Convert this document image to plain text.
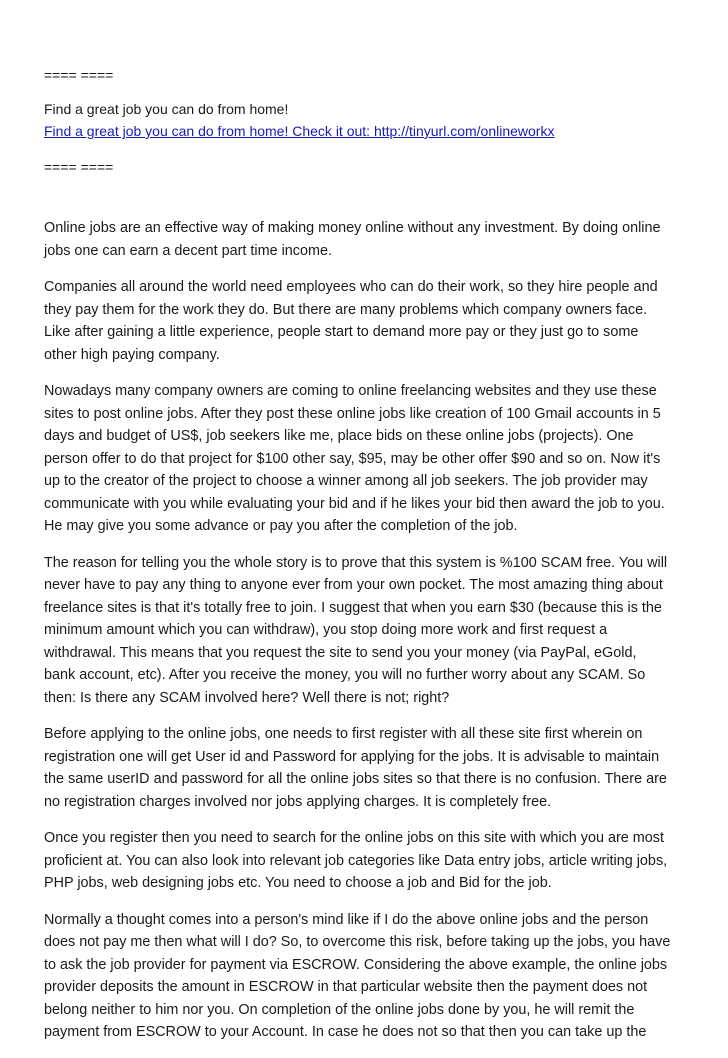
==== ====

Find a great job you can do from home!

Find a great job you can do from home! Check it out: http://tinyurl.com/onlineworkx

==== ====

Online jobs are an effective way of making money online without any investment. By doing online
jobs one can earn a decent part time income.

Companies all around the world need employees who can do their work, so they hire people and
they pay them for the work they do. But there are many problems which company owners face.
Like after gaining a little experience, people start to demand more pay or they just go to some
other high paying company.

Nowadays many company owners are coming to online freelancing websites and they use these
sites to post online jobs. After they post these online jobs like creation of 100 Gmail accounts in 5
days and budget of US$, job seekers like me, place bids on these online jobs (projects). One
person offer to do that project for $100 other say, $95, may be other offer $90 and so on. Now it's
up to the creator of the project to choose a winner among all job seekers. The job provider may
communicate with you while evaluating your bid and if he likes your bid then award the job to you.
He may give you some advance or pay you after the completion of the job.

The reason for telling you the whole story is to prove that this system is %100 SCAM free. You will
never have to pay any thing to anyone ever from your own pocket. The most amazing thing about
freelance sites is that it's totally free to join. I suggest that when you earn $30 (because this is the
minimum amount which you can withdraw), you stop doing more work and first request a
withdrawal. This means that you request the site to send you your money (via PayPal, eGold,
bank account, etc). After you receive the money, you will no further worry about any SCAM. So
then: Is there any SCAM involved here? Well there is not; right?

Before applying to the online jobs, one needs to first register with all these site first wherein on
registration one will get User id and Password for applying for the jobs. It is advisable to maintain
the same userID and password for all the online jobs sites so that there is no confusion. There are
no registration charges involved nor jobs applying charges. It is completely free.

Once you register then you need to search for the online jobs on this site with which you are most
proficient at. You can also look into relevant job categories like Data entry jobs, article writing jobs,
PHP jobs, web designing jobs etc. You need to choose a job and Bid for the job.

Normally a thought comes into a person's mind like if I do the above online jobs and the person
does not pay me then what will I do? So, to overcome this risk, before taking up the jobs, you have
to ask the job provider for payment via ESCROW. Considering the above example, the online jobs
provider deposits the amount in ESCROW in that particular website then the payment does not
belong neither to him nor you. On completion of the online jobs done by you, he will remit the
payment from ESCROW to your Account. In case he does not so that then you can take up the
